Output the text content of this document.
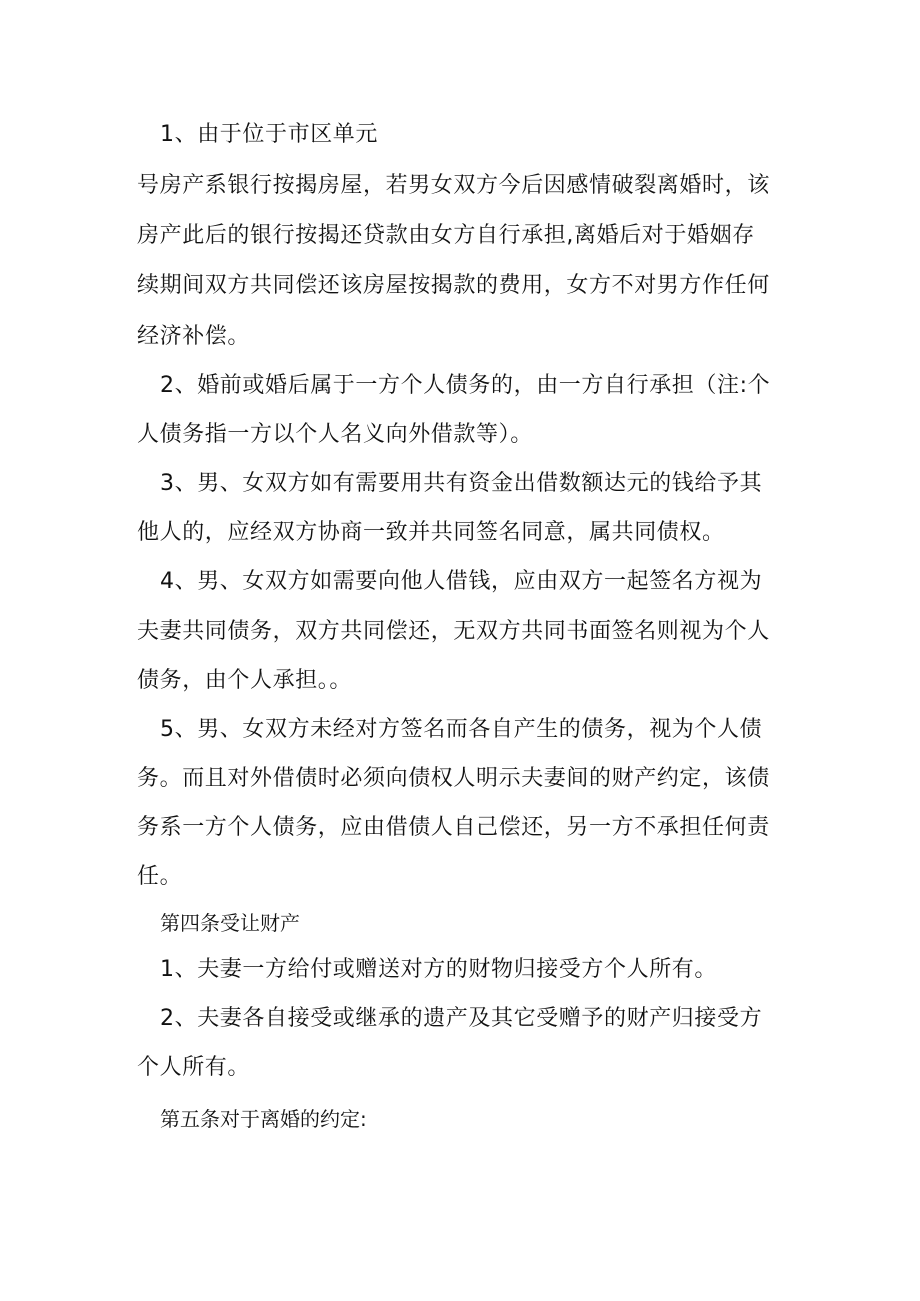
1、由于位于市区单元
号房产系银行按揭房屋，若男女双方今后因感情破裂离婚时，该
房产此后的银行按揭还贷款由女方自行承担,离婚后对于婚姻存
续期间双方共同偿还该房屋按揭款的费用，女方不对男方作任何
经济补偿。
2、婚前或婚后属于一方个人债务的，由一方自行承担（注:个
人债务指一方以个人名义向外借款等）。
3、男、女双方如有需要用共有资金出借数额达元的钱给予其
他人的，应经双方协商一致并共同签名同意，属共同债权。
4、男、女双方如需要向他人借钱，应由双方一起签名方视为
夫妻共同债务，双方共同偿还，无双方共同书面签名则视为个人
债务，由个人承担。。
5、男、女双方未经对方签名而各自产生的债务，视为个人债
务。而且对外借债时必须向债权人明示夫妻间的财产约定，该债
务系一方个人债务，应由借债人自己偿还，另一方不承担任何责
任。
第四条受让财产
1、夫妻一方给付或赠送对方的财物归接受方个人所有。
2、夫妻各自接受或继承的遗产及其它受赠予的财产归接受方
个人所有。
第五条对于离婚的约定:
